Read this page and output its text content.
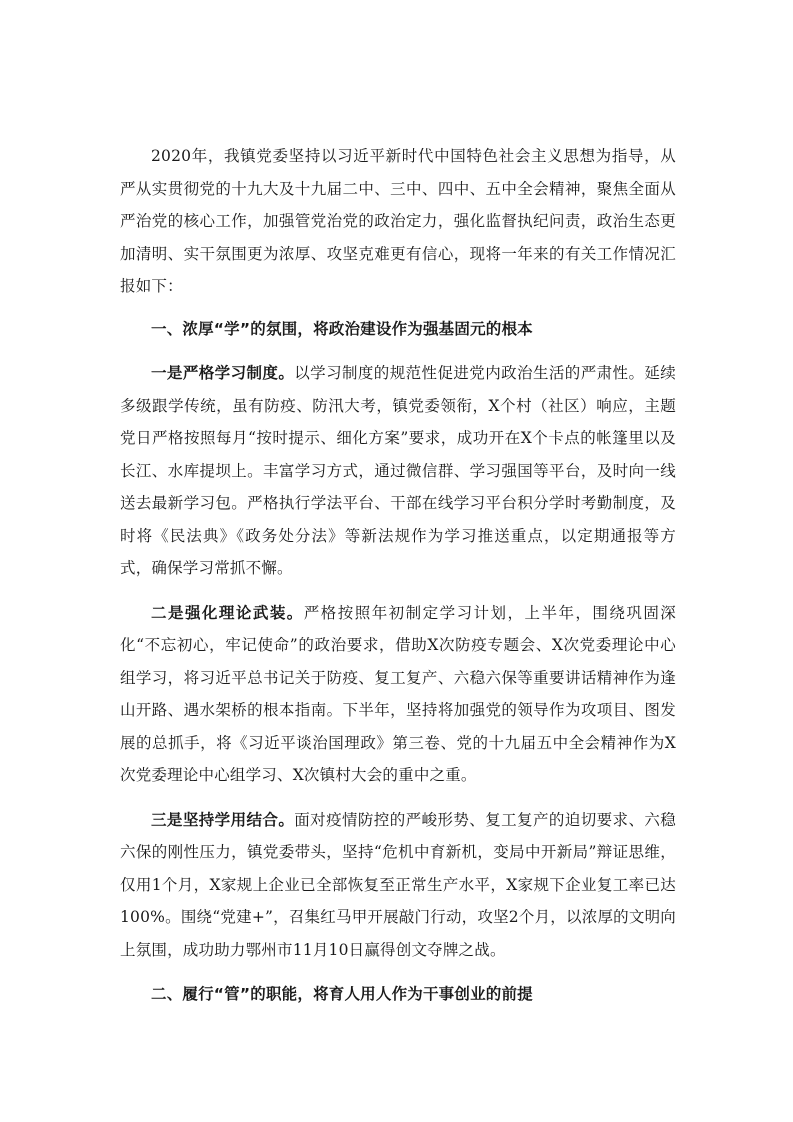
2020年，我镇党委坚持以习近平新时代中国特色社会主义思想为指导，从严从实贯彻党的十九大及十九届二中、三中、四中、五中全会精神，聚焦全面从严治党的核心工作，加强管党治党的政治定力，强化监督执纪问责，政治生态更加清明、实干氛围更为浓厚、攻坚克难更有信心，现将一年来的有关工作情况汇报如下：

一、浓厚“学”的氛围，将政治建设作为强基固元的根本

一是严格学习制度。以学习制度的规范性促进党内政治生活的严肃性。延续多级跟学传统，虽有防疫、防汛大考，镇党委领衔，X个村（社区）响应，主题党日严格按照每月“按时提示、细化方案”要求，成功开在X个卡点的帐篷里以及长江、水库提坝上。丰富学习方式，通过微信群、学习强国等平台，及时向一线送去最新学习包。严格执行学法平台、干部在线学习平台积分学时考勤制度，及时将《民法典》《政务处分法》等新法规作为学习推送重点，以定期通报等方式，确保学习常抓不懈。

二是强化理论武装。严格按照年初制定学习计划，上半年，围绕巩固深化“不忘初心，牢记使命”的政治要求，借助X次防疫专题会、X次党委理论中心组学习，将习近平总书记关于防疫、复工复产、六稳六保等重要讲话精神作为逢山开路、遇水架桥的根本指南。下半年，坚持将加强党的领导作为攻项目、图发展的总抓手，将《习近平谈治国理政》第三卷、党的十九届五中全会精神作为X次党委理论中心组学习、X次镇村大会的重中之重。

三是坚持学用结合。面对疫情防控的严峻形势、复工复产的迫切要求、六稳六保的刚性压力，镇党委带头，坚持“危机中育新机，变局中开新局”辩证思维，仅用1个月，X家规上企业已全部恢复至正常生产水平，X家规下企业复工率已达100%。围绕“党建+”，召集红马甲开展敲门行动，攻坚2个月，以浓厚的文明向上氛围，成功助力鄂州市11月10日赢得创文夺牌之战。

二、履行“管”的职能，将育人用人作为干事创业的前提
